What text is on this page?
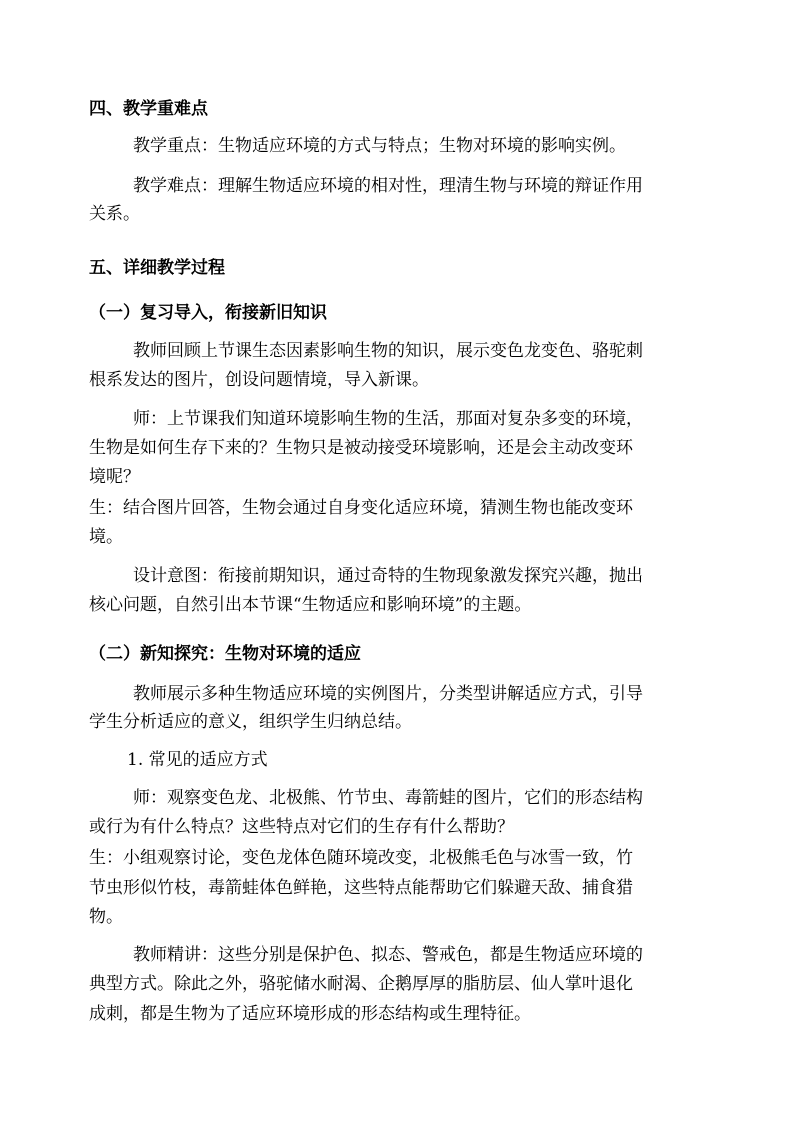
四、教学重难点
教学重点：生物适应环境的方式与特点；生物对环境的影响实例。
教学难点：理解生物适应环境的相对性，理清生物与环境的辩证作用
关系。
五、详细教学过程
（一）复习导入，衔接新旧知识
教师回顾上节课生态因素影响生物的知识，展示变色龙变色、骆驼刺
根系发达的图片，创设问题情境，导入新课。
师：上节课我们知道环境影响生物的生活，那面对复杂多变的环境，
生物是如何生存下来的？生物只是被动接受环境影响，还是会主动改变环
境呢？
生：结合图片回答，生物会通过自身变化适应环境，猜测生物也能改变环
境。
设计意图：衔接前期知识，通过奇特的生物现象激发探究兴趣，抛出
核心问题，自然引出本节课“生物适应和影响环境”的主题。
（二）新知探究：生物对环境的适应
教师展示多种生物适应环境的实例图片，分类型讲解适应方式，引导
学生分析适应的意义，组织学生归纳总结。
1. 常见的适应方式
师：观察变色龙、北极熊、竹节虫、毒箭蛙的图片，它们的形态结构
或行为有什么特点？这些特点对它们的生存有什么帮助？
生：小组观察讨论，变色龙体色随环境改变，北极熊毛色与冰雪一致，竹
节虫形似竹枝，毒箭蛙体色鲜艳，这些特点能帮助它们躲避天敌、捕食猎
物。
教师精讲：这些分别是保护色、拟态、警戒色，都是生物适应环境的
典型方式。除此之外，骆驼储水耐渴、企鹅厚厚的脂肪层、仙人掌叶退化
成刺，都是生物为了适应环境形成的形态结构或生理特征。
